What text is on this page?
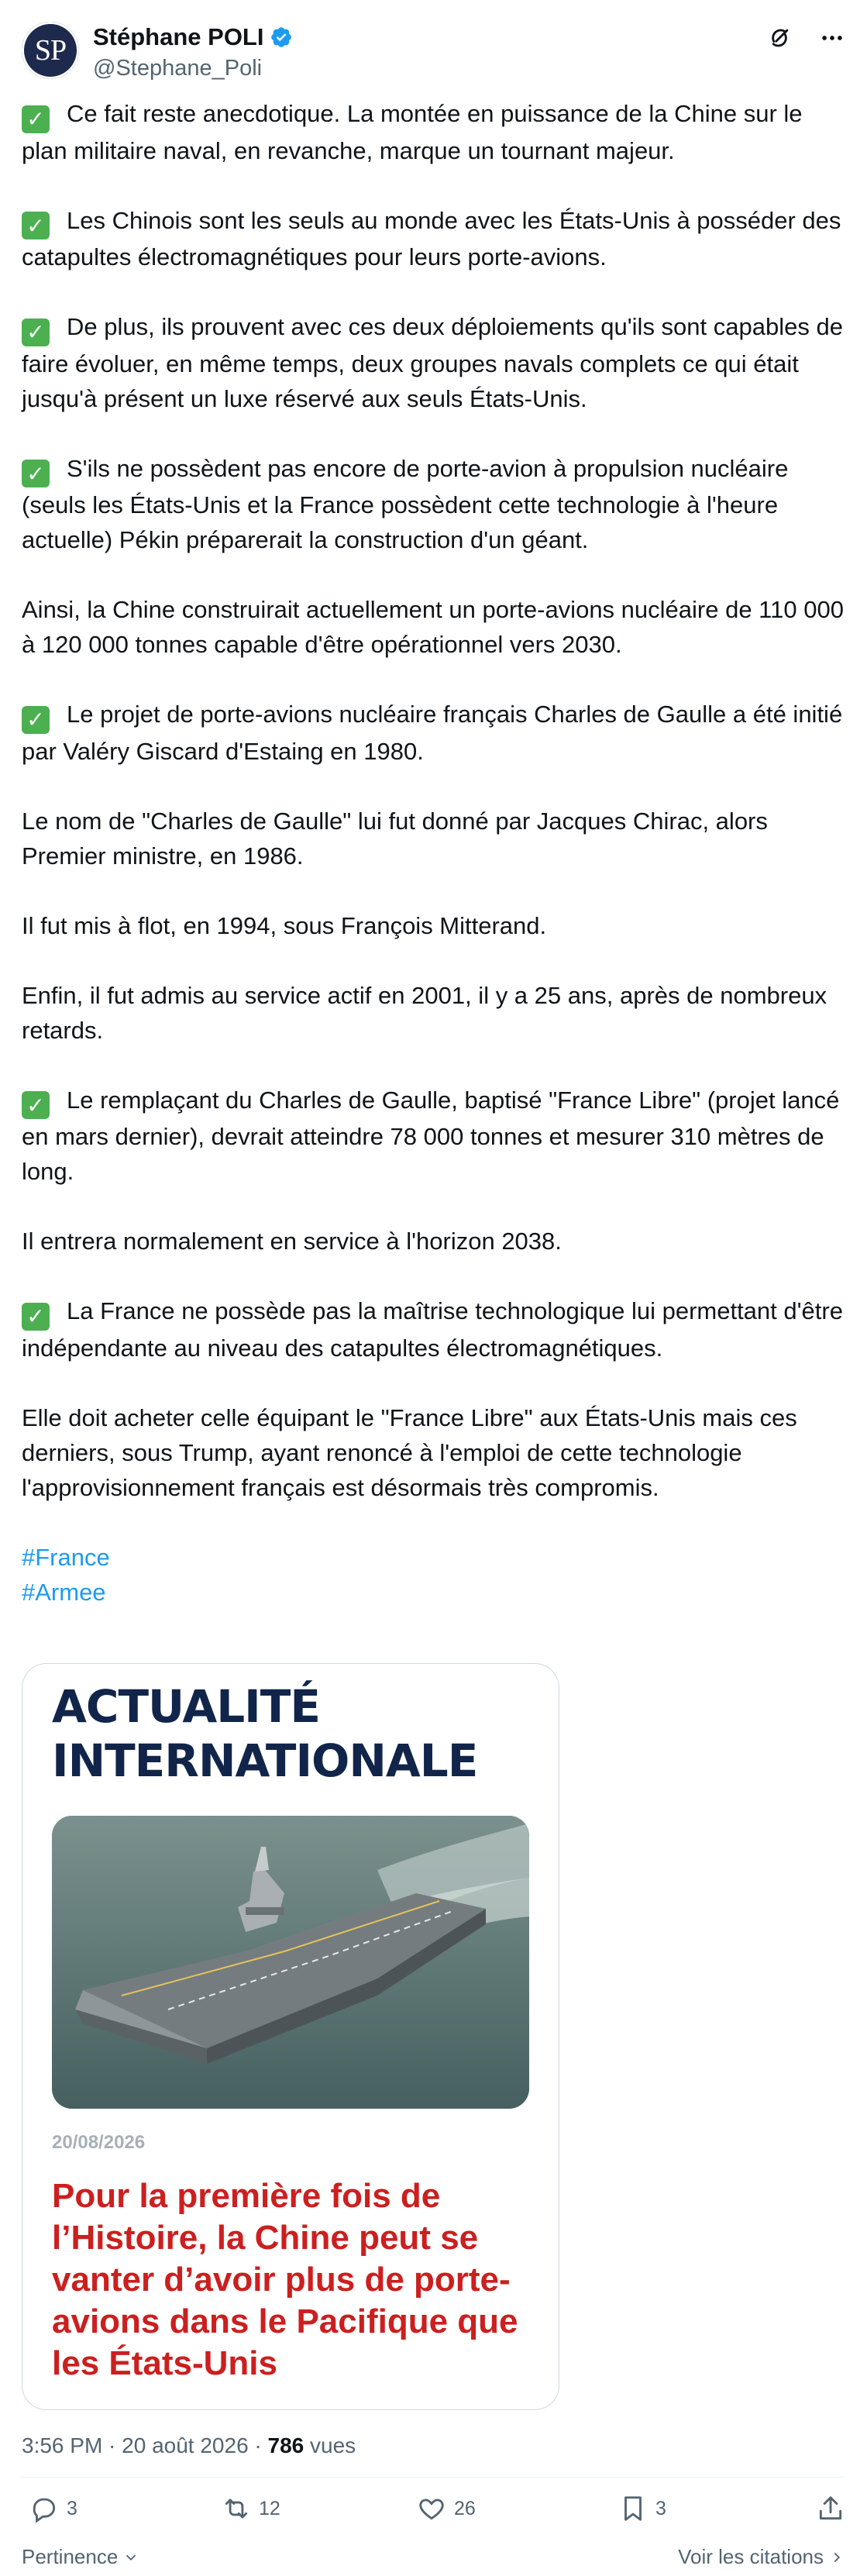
SP	Stéphane POLI
@Stephane_Poli
✓ Ce fait reste anecdotique. La montée en puissance de la Chine sur le plan militaire naval, en revanche, marque un tournant majeur.
✓ Les Chinois sont les seuls au monde avec les États-Unis à posséder des catapultes électromagnétiques pour leurs porte-avions.
✓ De plus, ils prouvent avec ces deux déploiements qu'ils sont capables de faire évoluer, en même temps, deux groupes navals complets ce qui était jusqu'à présent un luxe réservé aux seuls États-Unis.
✓ S'ils ne possèdent pas encore de porte-avion à propulsion nucléaire (seuls les États-Unis et la France possèdent cette technologie à l'heure actuelle) Pékin préparerait la construction d'un géant.
Ainsi, la Chine construirait actuellement un porte-avions nucléaire de 110 000 à 120 000 tonnes capable d'être opérationnel vers 2030.
✓ Le projet de porte-avions nucléaire français Charles de Gaulle a été initié par Valéry Giscard d'Estaing en 1980.
Le nom de "Charles de Gaulle" lui fut donné par Jacques Chirac, alors Premier ministre, en 1986.
Il fut mis à flot, en 1994, sous François Mitterand.
Enfin, il fut admis au service actif en 2001, il y a 25 ans, après de nombreux retards.
✓ Le remplaçant du Charles de Gaulle, baptisé "France Libre" (projet lancé en mars dernier), devrait atteindre 78 000 tonnes et mesurer 310 mètres de long.
Il entrera normalement en service à l'horizon 2038.
✓ La France ne possède pas la maîtrise technologique lui permettant d'être indépendante au niveau des catapultes électromagnétiques.
Elle doit acheter celle équipant le "France Libre" aux États-Unis mais ces derniers, sous Trump, ayant renoncé à l'emploi de cette technologie l'approvisionnement français est désormais très compromis.
#France
#Armee
ACTUALITÉ
INTERNATIONALE
20/08/2026
Pour la première fois de l’Histoire, la Chine peut se vanter d’avoir plus de porte-avions dans le Pacifique que les États-Unis
3:56 PM · 20 août 2026 · 786 vues
3	12	26	3
Pertinence	Voir les citations
